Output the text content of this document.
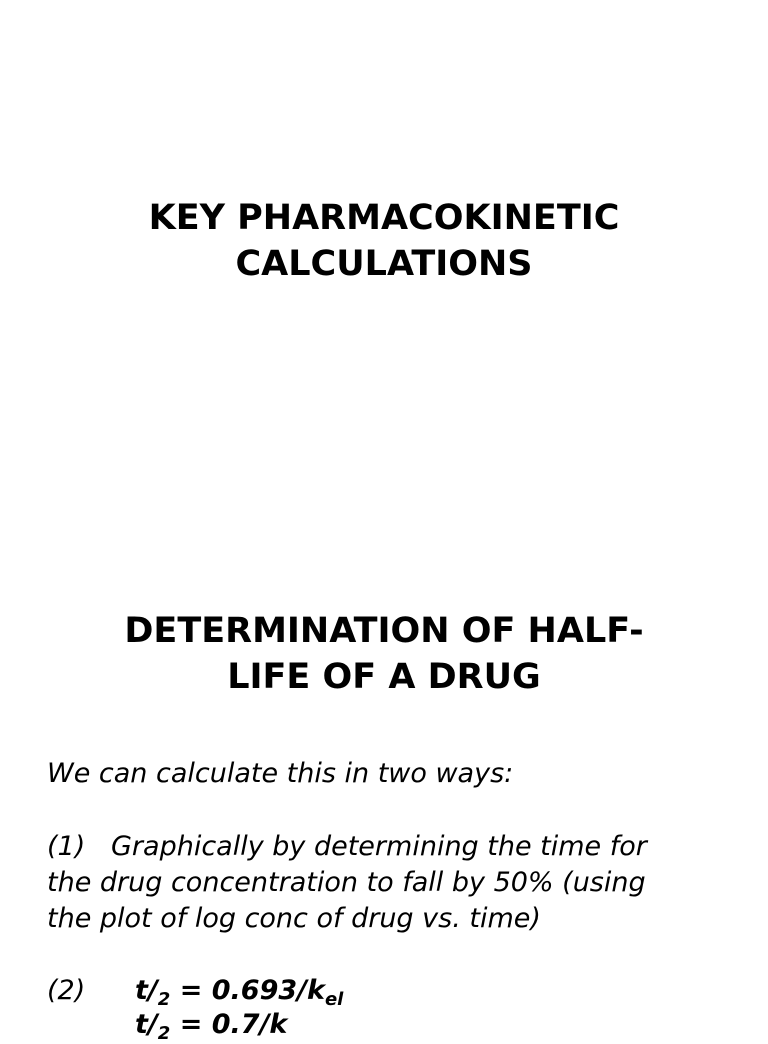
KEY PHARMACOKINETIC
CALCULATIONS
DETERMINATION OF HALF-
LIFE OF A DRUG

We can calculate this in two ways:

(1) Graphically by determining the time for
the drug concentration to fall by 50% (using
the plot of log conc of drug vs. time)

(2) $t/_2 = 0.693/k_{el}$

$t/_2 = 0.7/k$
